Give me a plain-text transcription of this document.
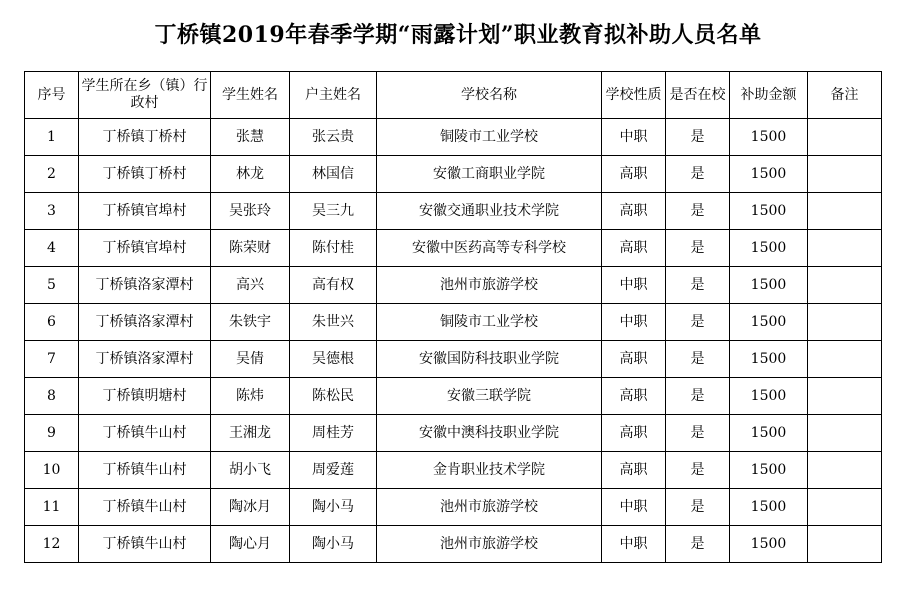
丁桥镇2019年春季学期“雨露计划”职业教育拟补助人员名单
序号	学生所在乡（镇）行政村	学生姓名	户主姓名	学校名称	学校性质	是否在校	补助金额	备注
1	丁桥镇丁桥村	张慧	张云贵	铜陵市工业学校	中职	是	1500	
2	丁桥镇丁桥村	林龙	林国信	安徽工商职业学院	高职	是	1500	
3	丁桥镇官埠村	吴张玲	吴三九	安徽交通职业技术学院	高职	是	1500	
4	丁桥镇官埠村	陈荣财	陈付桂	安徽中医药高等专科学校	高职	是	1500	
5	丁桥镇洛家潭村	高兴	高有权	池州市旅游学校	中职	是	1500	
6	丁桥镇洛家潭村	朱铁宇	朱世兴	铜陵市工业学校	中职	是	1500	
7	丁桥镇洛家潭村	吴倩	吴德根	安徽国防科技职业学院	高职	是	1500	
8	丁桥镇明塘村	陈炜	陈松民	安徽三联学院	高职	是	1500	
9	丁桥镇牛山村	王湘龙	周桂芳	安徽中澳科技职业学院	高职	是	1500	
10	丁桥镇牛山村	胡小飞	周爱莲	金肯职业技术学院	高职	是	1500	
11	丁桥镇牛山村	陶冰月	陶小马	池州市旅游学校	中职	是	1500	
12	丁桥镇牛山村	陶心月	陶小马	池州市旅游学校	中职	是	1500	
